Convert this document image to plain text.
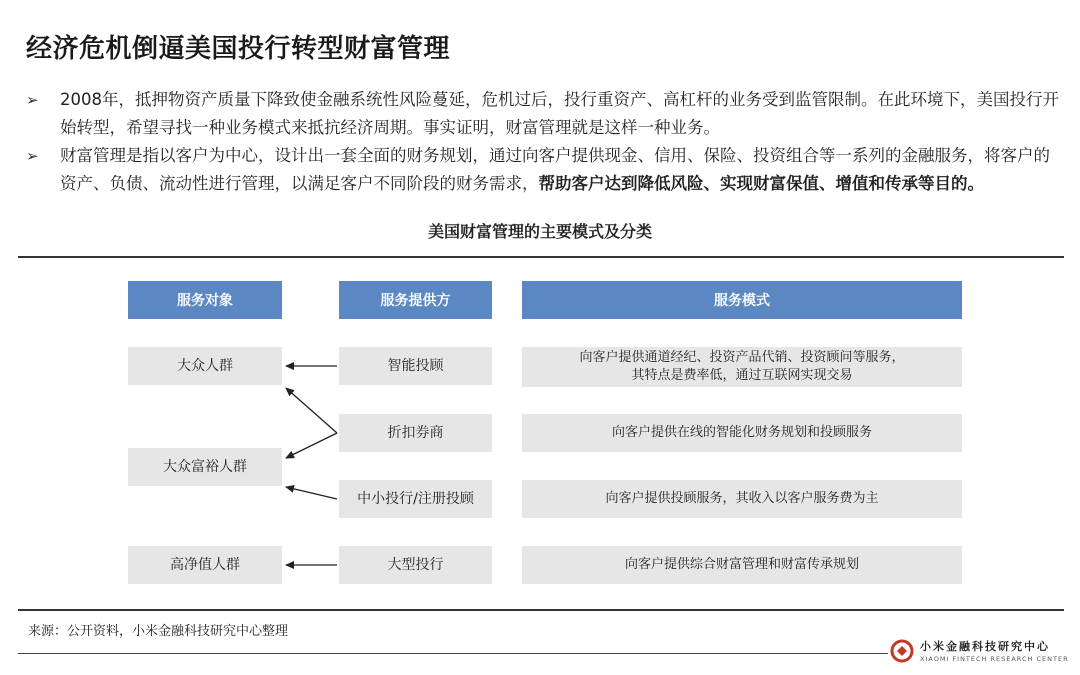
经济危机倒逼美国投行转型财富管理
➢ 2008年，抵押物资产质量下降致使金融系统性风险蔓延，危机过后，投行重资产、高杠杆的业务受到监管限制。在此环境下，美国投行开始转型，希望寻找一种业务模式来抵抗经济周期。事实证明，财富管理就是这样一种业务。
➢ 财富管理是指以客户为中心，设计出一套全面的财务规划，通过向客户提供现金、信用、保险、投资组合等一系列的金融服务，将客户的资产、负债、流动性进行管理，以满足客户不同阶段的财务需求，帮助客户达到降低风险、实现财富保值、增值和传承等目的。
美国财富管理的主要模式及分类
服务对象	服务提供方	服务模式
大众人群
大众富裕人群
高净值人群
智能投顾
折扣券商
中小投行/注册投顾
大型投行
向客户提供通道经纪、投资产品代销、投资顾问等服务，
其特点是费率低，通过互联网实现交易
向客户提供在线的智能化财务规划和投顾服务
向客户提供投顾服务，其收入以客户服务费为主
向客户提供综合财富管理和财富传承规划
来源：公开资料，小米金融科技研究中心整理
小米金融科技研究中心
XIAOMI FINTECH RESEARCH CENTER
